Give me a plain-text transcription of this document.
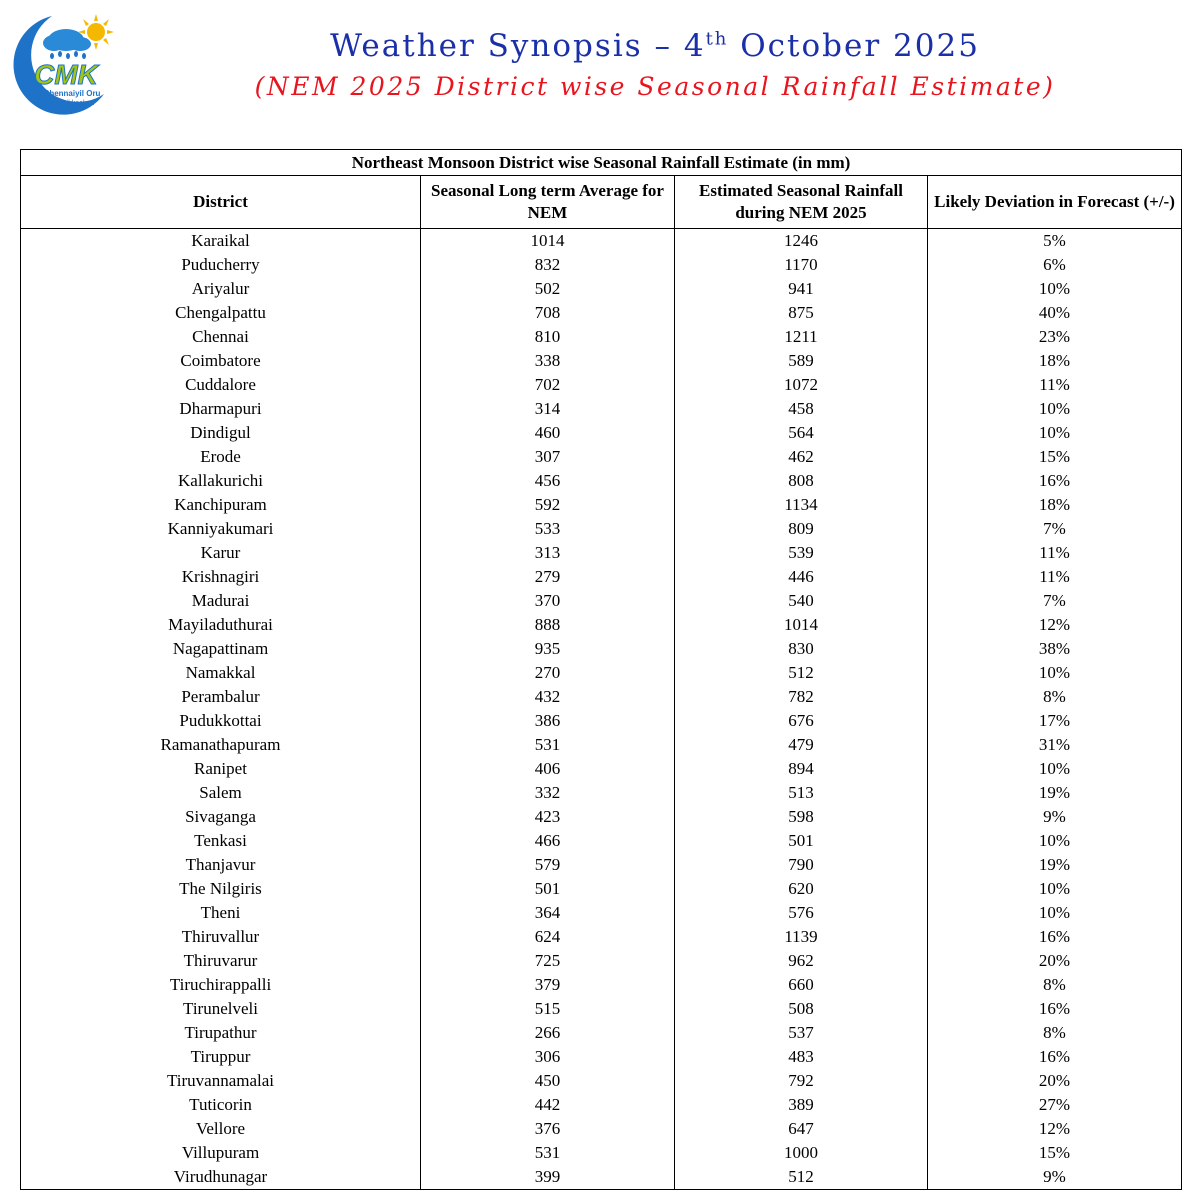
CMK
Chennaiyil Oru
Mazhaikkaalam
Weather Synopsis – 4th October 2025
(NEM 2025 District wise Seasonal Rainfall Estimate)
Northeast Monsoon District wise Seasonal Rainfall Estimate (in mm)			
District	Seasonal Long term Average for NEM	Estimated Seasonal Rainfall during NEM 2025	Likely Deviation in Forecast (+/-)
Karaikal	1014	1246	5%
Puducherry	832	1170	6%
Ariyalur	502	941	10%
Chengalpattu	708	875	40%
Chennai	810	1211	23%
Coimbatore	338	589	18%
Cuddalore	702	1072	11%
Dharmapuri	314	458	10%
Dindigul	460	564	10%
Erode	307	462	15%
Kallakurichi	456	808	16%
Kanchipuram	592	1134	18%
Kanniyakumari	533	809	7%
Karur	313	539	11%
Krishnagiri	279	446	11%
Madurai	370	540	7%
Mayiladuthurai	888	1014	12%
Nagapattinam	935	830	38%
Namakkal	270	512	10%
Perambalur	432	782	8%
Pudukkottai	386	676	17%
Ramanathapuram	531	479	31%
Ranipet	406	894	10%
Salem	332	513	19%
Sivaganga	423	598	9%
Tenkasi	466	501	10%
Thanjavur	579	790	19%
The Nilgiris	501	620	10%
Theni	364	576	10%
Thiruvallur	624	1139	16%
Thiruvarur	725	962	20%
Tiruchirappalli	379	660	8%
Tirunelveli	515	508	16%
Tirupathur	266	537	8%
Tiruppur	306	483	16%
Tiruvannamalai	450	792	20%
Tuticorin	442	389	27%
Vellore	376	647	12%
Villupuram	531	1000	15%
Virudhunagar	399	512	9%
